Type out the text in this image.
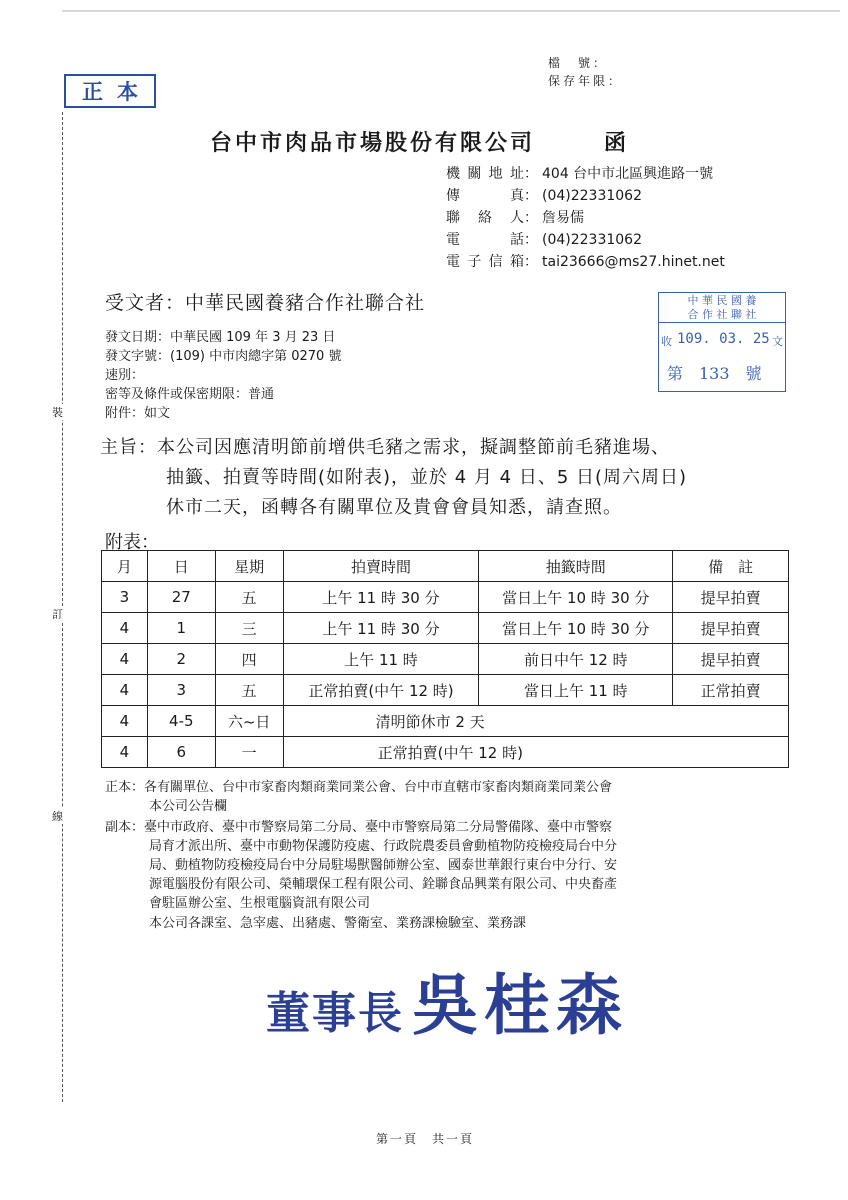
檔　號：
保存年限：
正本
裝
訂
線
台中市肉品市場股份有限公司	函
機關地址： 404 台中市北區興進路一號
傳真： (04)22331062
聯絡人： 詹易儒
電話： (04)22331062
電子信箱： tai23666@ms27.hinet.net
受文者：中華民國養豬合作社聯合社
發文日期：中華民國 109 年 3 月 23 日
發文字號：(109) 中市肉總字第 0270 號
速別：
密等及條件或保密期限：普通
附件：如文
中 華 民 國 養
合 作 社 聯 社
收 109. 03. 25 文
第　133　號
主旨：本公司因應清明節前增供毛豬之需求，擬調整節前毛豬進場、
抽籤、拍賣等時間(如附表)，並於 4 月 4 日、5 日(周六周日)
休市二天，函轉各有關單位及貴會會員知悉，請查照。
附表：
月	日	星期	拍賣時間	抽籤時間	備　註
3	27	五	上午 11 時 30 分	當日上午 10 時 30 分	提早拍賣
4	1	三	上午 11 時 30 分	當日上午 10 時 30 分	提早拍賣
4	2	四	上午 11 時	前日中午 12 時	提早拍賣
4	3	五	正常拍賣(中午 12 時)	當日上午 11 時	正常拍賣
4	4-5	六~日	清明節休市 2 天		
4	6	一	正常拍賣(中午 12 時)		
正本：各有關單位、台中市家畜肉類商業同業公會、台中市直轄市家畜肉類商業同業公會
本公司公告欄
副本：臺中市政府、臺中市警察局第二分局、臺中市警察局第二分局警備隊、臺中市警察
局育才派出所、臺中市動物保護防疫處、行政院農委員會動植物防疫檢疫局台中分
局、動植物防疫檢疫局台中分局駐場獸醫師辦公室、國泰世華銀行東台中分行、安
源電腦股份有限公司、榮輔環保工程有限公司、銓聯食品興業有限公司、中央畜產
會駐區辦公室、生根電腦資訊有限公司
本公司各課室、急宰處、出豬處、警衛室、業務課檢驗室、業務課
董事長 吳桂森
第一頁　共一頁
